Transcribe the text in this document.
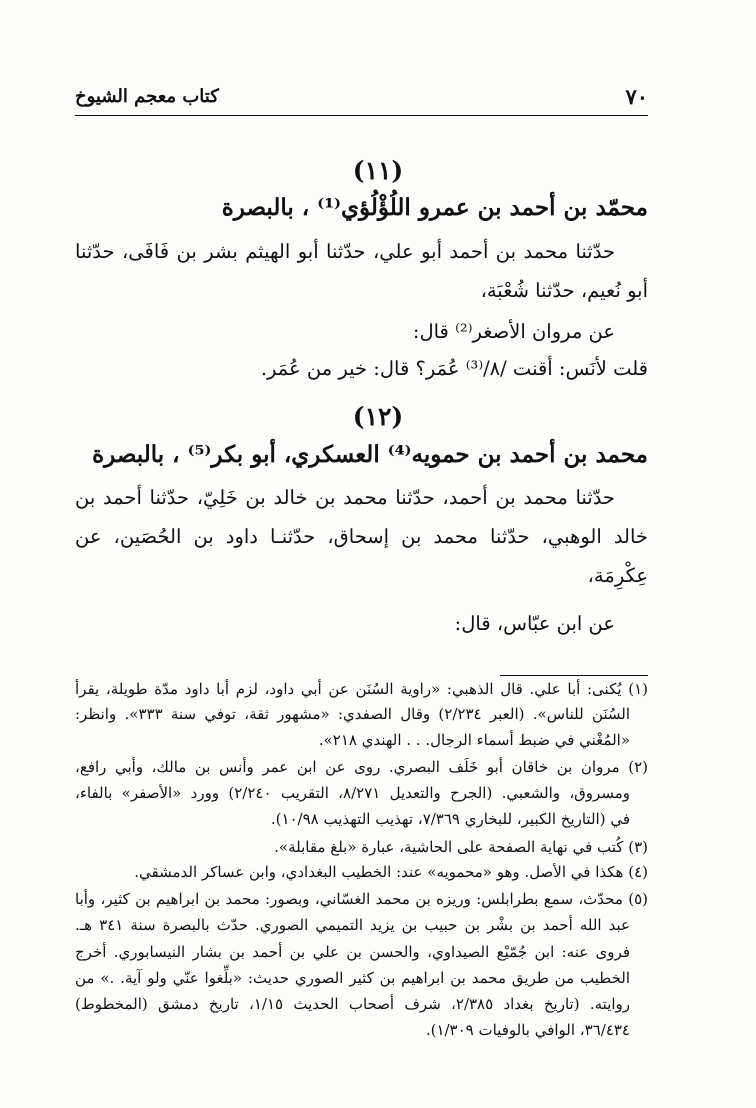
٧٠
كتاب معجم الشيوخ
(١١)
محمّد بن أحمد بن عمرو اللُؤْلُؤي⁽¹⁾ ، بالبصرة
حدّثنا محمد بن أحمد أبو علي، حدّثنا أبو الهيثم بشر بن فَافَى، حدّثنا
أبو نُعيم، حدّثنا شُعْبَة،
عن مروان الأصغر⁽²⁾ قال:
قلت لأنَس: أقنت /٨/⁽³⁾ عُمَر؟ قال: خير من عُمَر.
(١٢)
محمد بن أحمد بن حمويه⁽⁴⁾ العسكري، أبو بكر⁽⁵⁾ ، بالبصرة
حدّثنا محمد بن أحمد، حدّثنا محمد بن خالد بن خَلِيّ، حدّثنا أحمد بن
خالد الوهبي، حدّثنا محمد بن إسحاق، حدّثنـا داود بن الحُصَين، عن
عِكْرِمَة،
عن ابن عبّاس، قال:
(١) يُكنى: أبا علي. قال الذهبي: «راوية السُنَن عن أبي داود، لزم أبا داود مدّة طويلة، يقرأ
السُنَن للناس». (العبر ٢/٢٣٤) وقال الصفدي: «مشهور ثقة، توفي سنة ٣٣٣». وانظر:
«المُغْني في ضبط أسماء الرجال. . . الهندي ٢١٨».
(٢) مروان بن خاقان أبو خَلَف البصري. روى عن ابن عمر وأنس بن مالك، وأبي رافع،
ومسروق، والشعبي. (الجرح والتعديل ٨/٢٧١، التقريب ٢/٢٤٠) وورد «الأصفر» بالفاء،
في (التاريخ الكبير، للبخاري ٧/٣٦٩، تهذيب التهذيب ١٠/٩٨).
(٣) كُتب في نهاية الصفحة على الحاشية، عبارة «بلغ مقابلة».
(٤) هكذا في الأصل. وهو «محمويه» عند: الخطيب البغدادي، وابن عساكر الدمشقي.
(٥) محدّث، سمع بطرابلس: وريزه بن محمد الغسّاني، وبصور: محمد بن ابراهيم بن كثير، وأبا
عبد الله أحمد بن بشْر بن حبيب بن يزيد التميمي الصوري. حدّث بالبصرة سنة ٣٤١ هـ.
فروى عنه: ابن جُمّيْع الصيداوي، والحسن بن علي بن أحمد بن بشار النيسابوري. أخرج
الخطيب من طريق محمد بن ابراهيم بن كثير الصوري حديث: «بلِّغوا عنّي ولو آية. .» من
روايته. (تاريخ بغداد ٢/٣٨٥، شرف أصحاب الحديث ١/١٥، تاريخ دمشق (المخطوط)
٣٦/٤٣٤، الوافي بالوفيات ١/٣٠٩).
